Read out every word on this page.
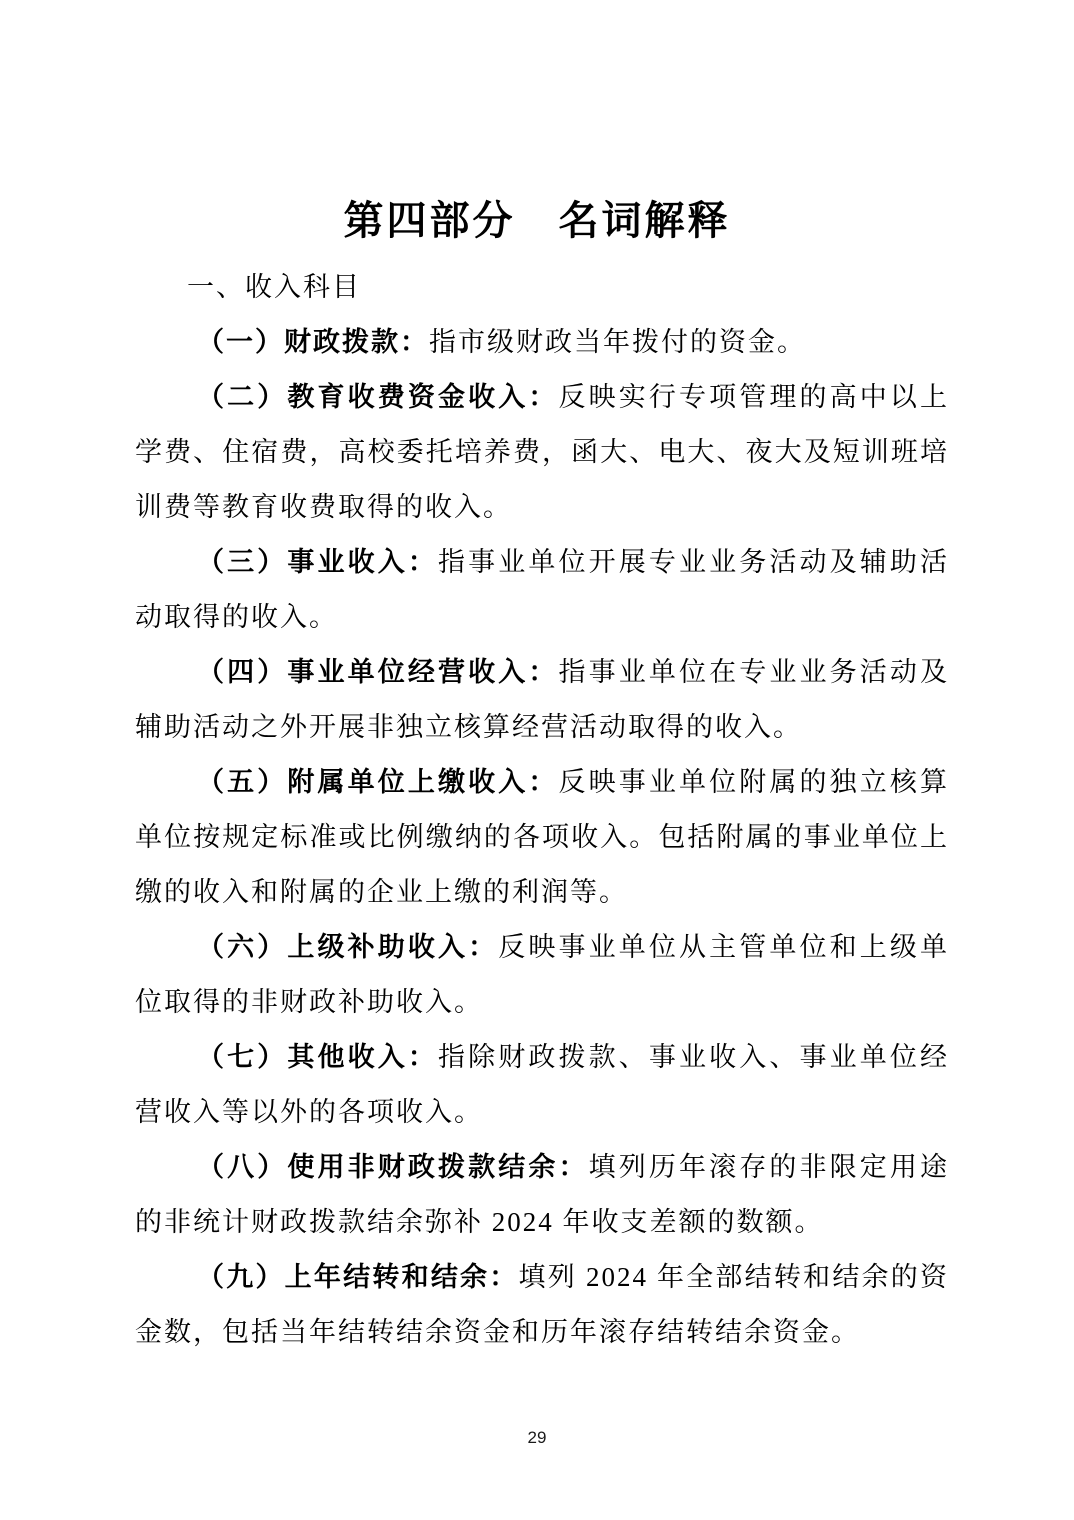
第四部分　名词解释

一、收入科目

（一）财政拨款：指市级财政当年拨付的资金。

（二）教育收费资金收入：反映实行专项管理的高中以上学费、住宿费，高校委托培养费，函大、电大、夜大及短训班培训费等教育收费取得的收入。

（三）事业收入：指事业单位开展专业业务活动及辅助活动取得的收入。

（四）事业单位经营收入：指事业单位在专业业务活动及辅助活动之外开展非独立核算经营活动取得的收入。

（五）附属单位上缴收入：反映事业单位附属的独立核算单位按规定标准或比例缴纳的各项收入。包括附属的事业单位上缴的收入和附属的企业上缴的利润等。

（六）上级补助收入：反映事业单位从主管单位和上级单位取得的非财政补助收入。

（七）其他收入：指除财政拨款、事业收入、事业单位经营收入等以外的各项收入。

（八）使用非财政拨款结余：填列历年滚存的非限定用途的非统计财政拨款结余弥补 2024 年收支差额的数额。

（九）上年结转和结余：填列 2024 年全部结转和结余的资金数，包括当年结转结余资金和历年滚存结转结余资金。

29
